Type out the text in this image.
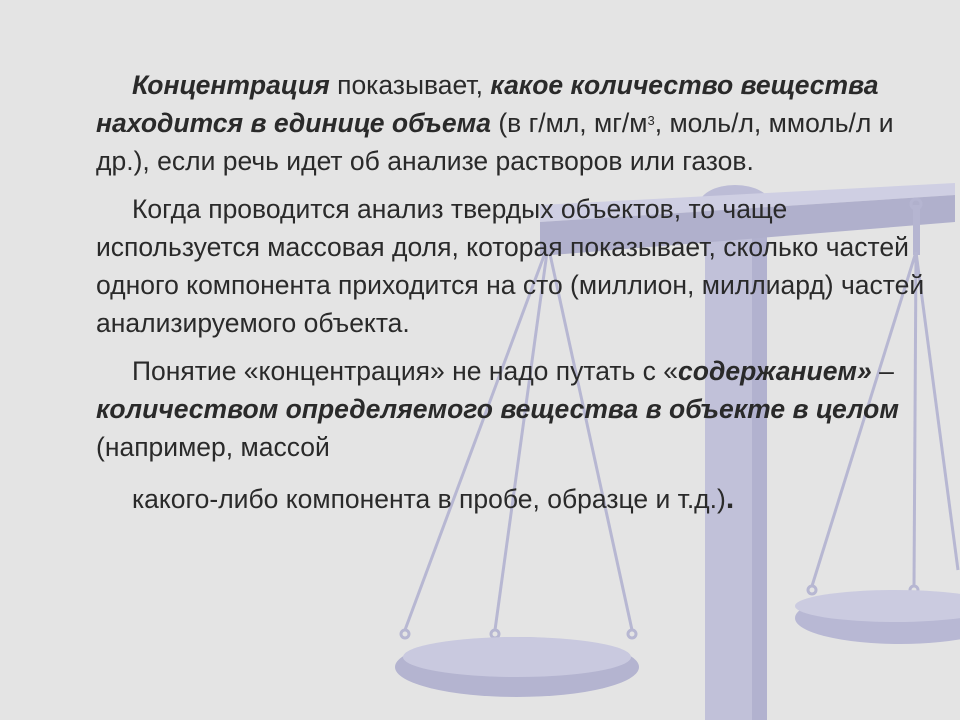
Концентрация показывает, какое количество вещества находится в единице объема (в г/мл, $мг/м^3$, моль/л, ммоль/л и др.), если речь идет об анализе растворов или газов.

Когда проводится анализ твердых объектов, то чаще используется массовая доля, которая показывает, сколько частей одного компонента приходится на сто (миллион, миллиард) частей анализируемого объекта.

Понятие «концентрация» не надо путать с «содержанием» – количеством определяемого вещества в объекте в целом (например, массой
какого-либо компонента в пробе, образце и т.д.).
